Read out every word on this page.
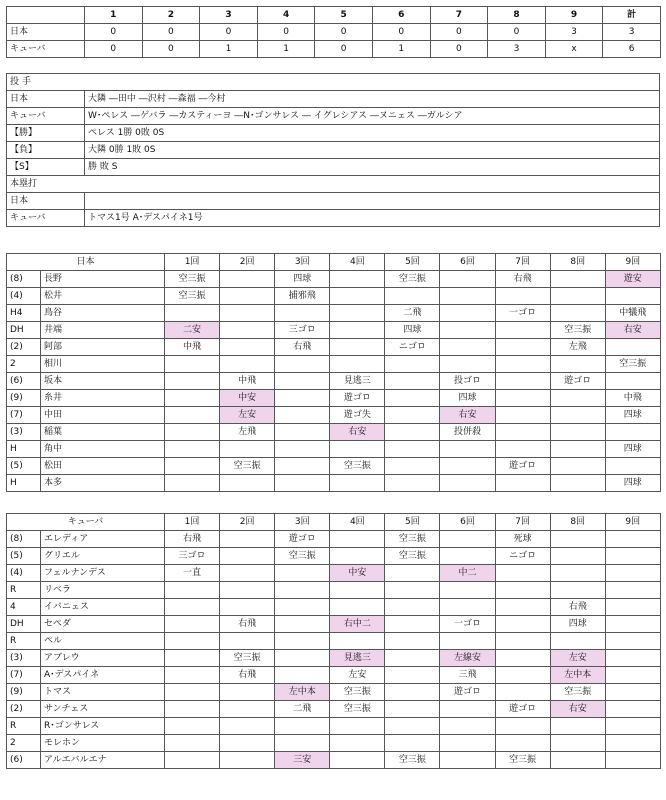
	1	2	3	4	5	6	7	8	9	計
日本	0	0	0	0	0	0	0	0	3	3
キューバ	0	0	1	1	0	1	0	3	x	6
投 手	
日本	大隣 ―田中 ―沢村 ―森福 ―今村
キューバ	W･ペレス ―ゲバラ ―カスティーヨ ―N･ゴンサレス ― イグレシアス ―ヌニェス ―ガルシア
【勝】	ペレス 1勝 0敗 0S
【負】	大隣 0勝 1敗 0S
【S】	勝 敗 S
本塁打	
日本	
キューバ	トマス1号 A･デスパイネ1号
日本		1回	2回	3回	4回	5回	6回	7回	8回	9回
(8)	長野	空三振		四球		空三振		右飛		遊安
(4)	松井	空三振		捕邪飛						
H4	鳥谷					二飛		一ゴロ		中犠飛
DH	井端	二安		三ゴロ		四球			空三振	右安
(2)	阿部	中飛		右飛		ニゴロ			左飛	
2	相川									空三振
(6)	坂本		中飛		見逃三		投ゴロ		遊ゴロ	
(9)	糸井		中安		遊ゴロ		四球			中飛
(7)	中田		左安		遊ゴ失		右安			四球
(3)	稲葉		左飛		右安		投併殺			
H	角中									四球
(5)	松田		空三振		空三振			遊ゴロ		
H	本多									四球
キューバ		1回	2回	3回	4回	5回	6回	7回	8回	9回
(8)	エレディア	右飛		遊ゴロ		空三振		死球		
(5)	グリエル	三ゴロ		空三振		空三振		ニゴロ		
(4)	フェルナンデス	一直			中安		中二			
R	リベラ									
4	イバニェス								右飛	
DH	セペダ		右飛		右中二		一ゴロ		四球	
R	ペル									
(3)	アブレウ		空三振		見逃三		左線安		左安	
(7)	A･デスパイネ		右飛		左安		三飛		左中本	
(9)	トマス			左中本	空三振		遊ゴロ		空三振	
(2)	サンチェス			二飛	空三振			遊ゴロ	右安	
R	R･ゴンサレス									
2	モレホン									
(6)	アルエバルエナ			三安		空三振		空三振		
